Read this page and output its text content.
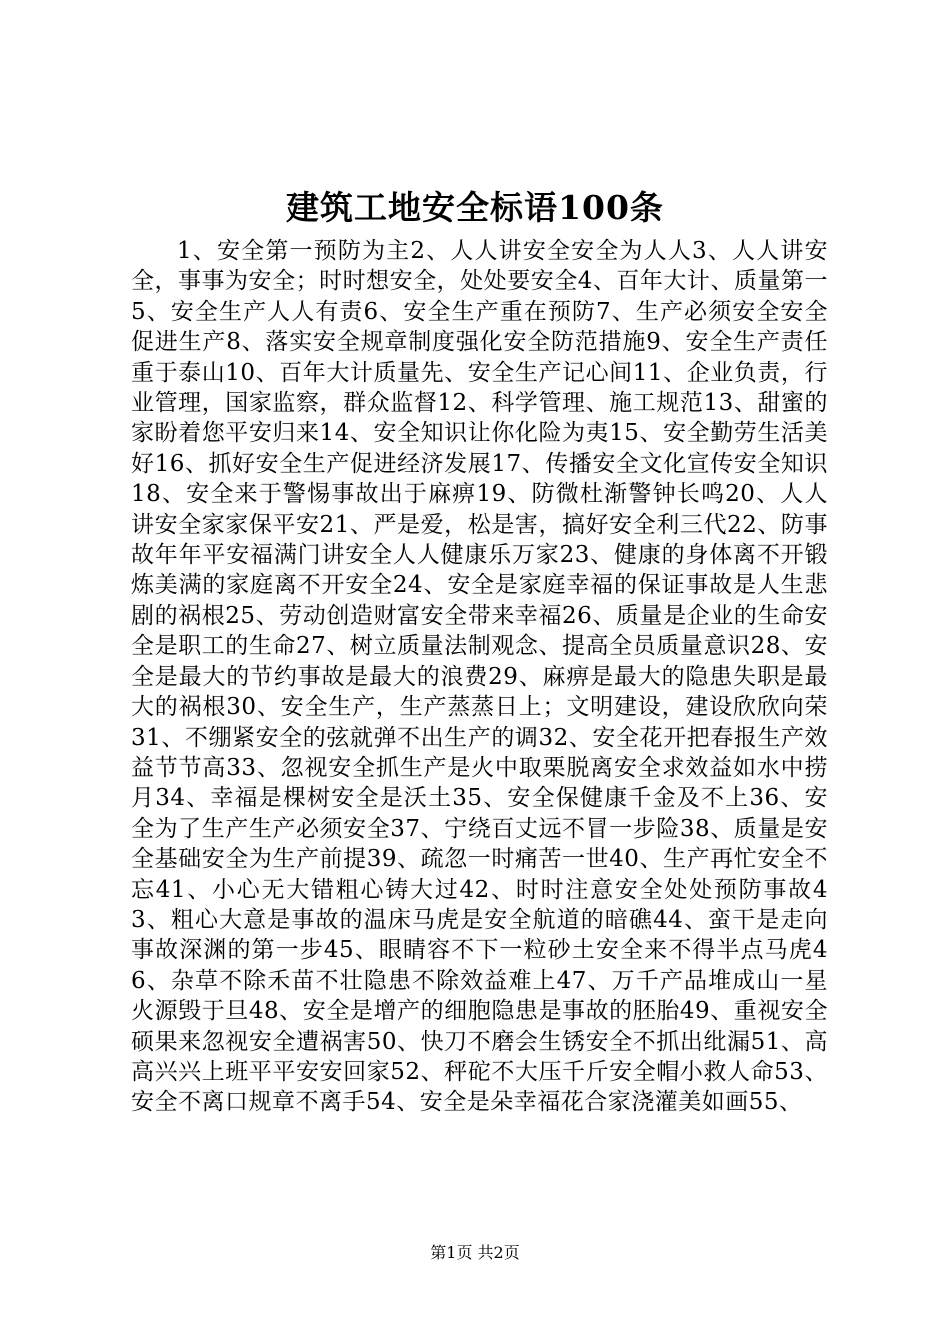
建筑工地安全标语100条

1、安全第一预防为主2、人人讲安全安全为人人3、人人讲安全，事事为安全；时时想安全，处处要安全4、百年大计、质量第一5、安全生产人人有责6、安全生产重在预防7、生产必须安全安全促进生产8、落实安全规章制度强化安全防范措施9、安全生产责任重于泰山10、百年大计质量先、安全生产记心间11、企业负责，行业管理，国家监察，群众监督12、科学管理、施工规范13、甜蜜的家盼着您平安归来14、安全知识让你化险为夷15、安全勤劳生活美好16、抓好安全生产促进经济发展17、传播安全文化宣传安全知识18、安全来于警惕事故出于麻痹19、防微杜渐警钟长鸣20、人人讲安全家家保平安21、严是爱，松是害，搞好安全利三代22、防事故年年平安福满门讲安全人人健康乐万家23、健康的身体离不开锻炼美满的家庭离不开安全24、安全是家庭幸福的保证事故是人生悲剧的祸根25、劳动创造财富安全带来幸福26、质量是企业的生命安全是职工的生命27、树立质量法制观念、提高全员质量意识28、安全是最大的节约事故是最大的浪费29、麻痹是最大的隐患失职是最大的祸根30、安全生产，生产蒸蒸日上；文明建设，建设欣欣向荣31、不绷紧安全的弦就弹不出生产的调32、安全花开把春报生产效益节节高33、忽视安全抓生产是火中取栗脱离安全求效益如水中捞月34、幸福是棵树安全是沃土35、安全保健康千金及不上36、安全为了生产生产必须安全37、宁绕百丈远不冒一步险38、质量是安全基础安全为生产前提39、疏忽一时痛苦一世40、生产再忙安全不忘41、小心无大错粗心铸大过42、时时注意安全处处预防事故43、粗心大意是事故的温床马虎是安全航道的暗礁44、蛮干是走向事故深渊的第一步45、眼睛容不下一粒砂土安全来不得半点马虎46、杂草不除禾苗不壮隐患不除效益难上47、万千产品堆成山一星火源毁于旦48、安全是增产的细胞隐患是事故的胚胎49、重视安全硕果来忽视安全遭祸害50、快刀不磨会生锈安全不抓出纰漏51、高高兴兴上班平平安安回家52、秤砣不大压千斤安全帽小救人命53、安全不离口规章不离手54、安全是朵幸福花合家浇灌美如画55、

第1页 共2页
